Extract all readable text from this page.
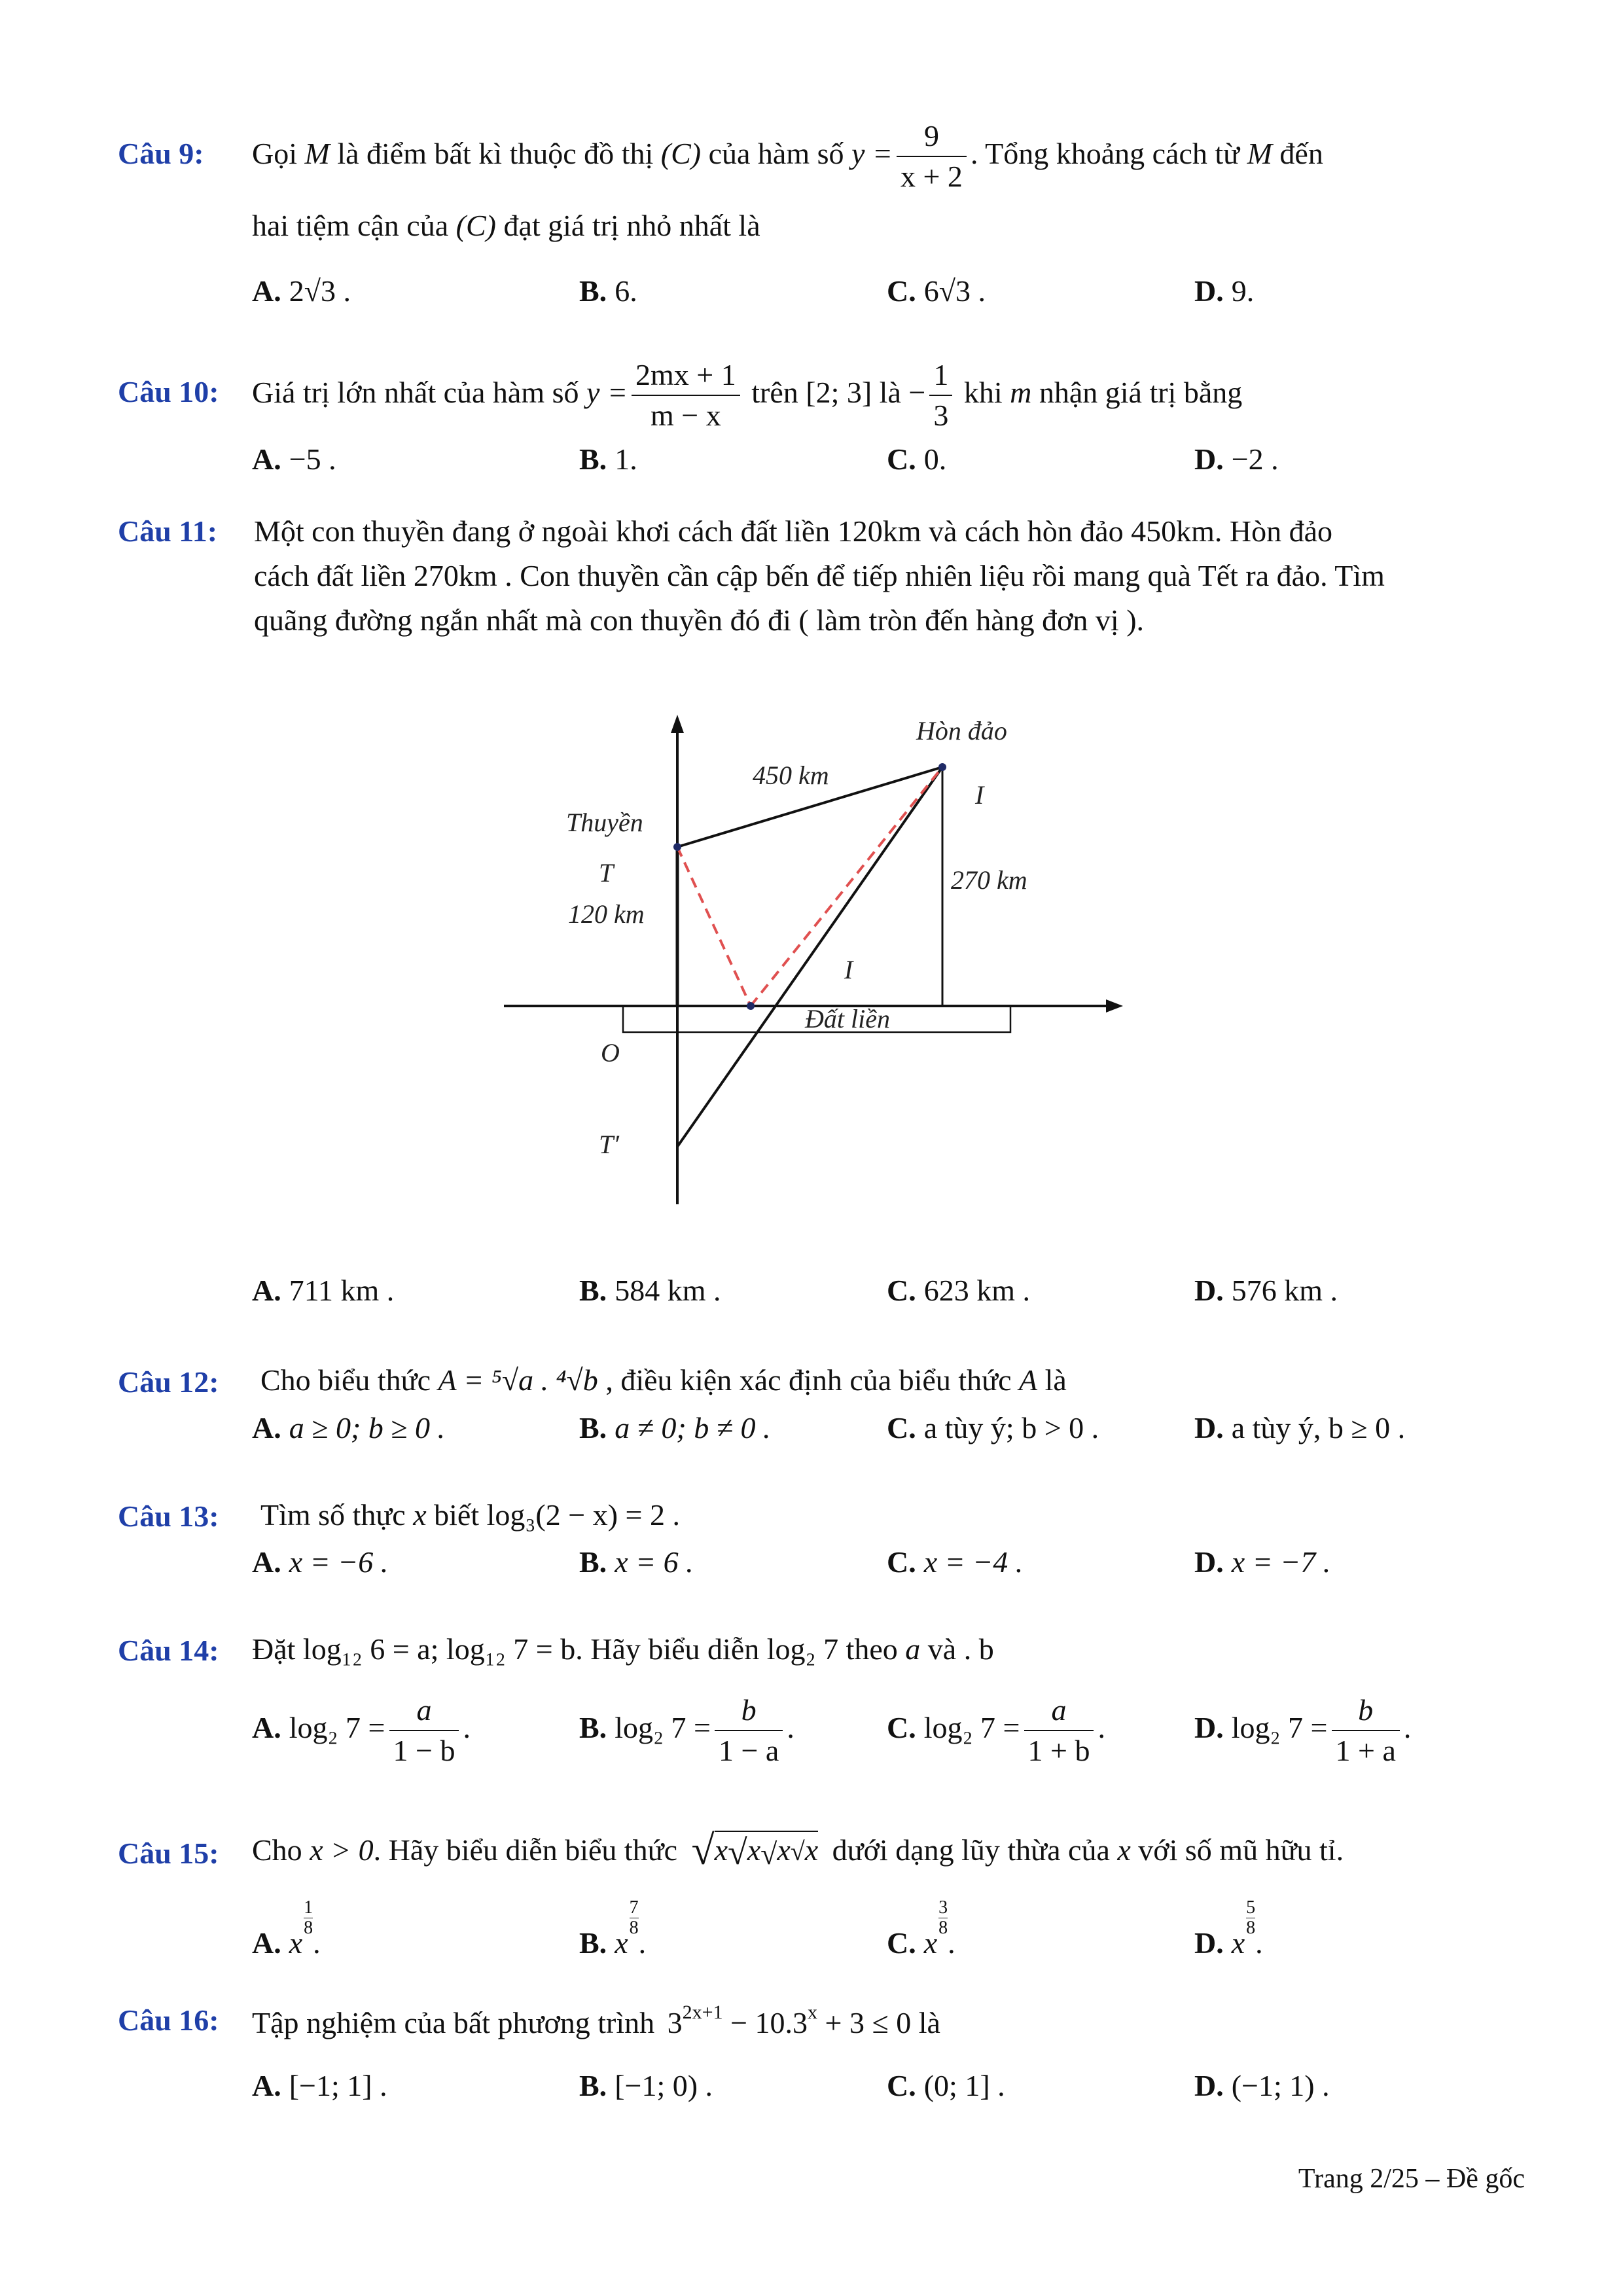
Câu 9: Gọi M là điểm bất kì thuộc đồ thị (C) của hàm số $y = \frac{9}{x + 2}$ . Tổng khoảng cách từ M đến
hai tiệm cận của (C) đạt giá trị nhỏ nhất là
A. 2√3 .	B. 6.	C. 6√3 .	D. 9.
Câu 10: Giá trị lớn nhất của hàm số $y = \frac{2mx + 1}{m - x}$ trên [2; 3] là − $\frac{1}{3}$ khi m nhận giá trị bằng
A. −5 .	B. 1.	C. 0.	D. −2 .
Câu 11: Một con thuyền đang ở ngoài khơi cách đất liền 120km và cách hòn đảo 450km. Hòn đảo
cách đất liền 270km . Con thuyền cần cập bến để tiếp nhiên liệu rồi mang quà Tết ra đảo. Tìm
quãng đường ngắn nhất mà con thuyền đó đi ( làm tròn đến hàng đơn vị ).
Hòn đảo
Thuyền
450 km
270 km
120 km
T
I
I
O
T′
Đất liền
A. 711 km .	B. 584 km .	C. 623 km .	D. 576 km .
Câu 12: Cho biểu thức A = ⁵√a . ⁴√b , điều kiện xác định của biểu thức A là
A. a ≥ 0; b ≥ 0 .	B. a ≠ 0; b ≠ 0 .	C. a tùy ý; b > 0 .	D. a tùy ý, b ≥ 0 .
Câu 13: Tìm số thực x biết log₃(2 − x) = 2 .
A. x = −6 .	B. x = 6 .	C. x = −4 .	D. x = −7 .
Câu 14: Đặt log₁₂ 6 = a; log₁₂ 7 = b. Hãy biểu diễn log₂ 7 theo a và . b
A. log₂ $7 = \frac{a}{1 - b}$ .	B. log₂ $7 = \frac{b}{1 - a}$ .	C. log₂ $7 = \frac{a}{1 + b}$ .	D. log₂ $7 = \frac{b}{1 + a}$ .
Câu 15: Cho x > 0. Hãy biểu diễn biểu thức √x√x√x√x dưới dạng lũy thừa của x với số mũ hữu tỉ.
A. x
$\frac{1}{8}$
.	B. x
$\frac{7}{8}$
.	C. x
$\frac{3}{8}$
.	D. x
$\frac{5}{8}$
.
Câu 16: Tập nghiệm của bất phương trình $3^{2x+1} - 10.3^x + 3 \le 0$ là
A. [−1; 1] .	B. [−1; 0) .	C. (0; 1] .	D. (−1; 1) .
Trang 2/25 – Đề gốc
